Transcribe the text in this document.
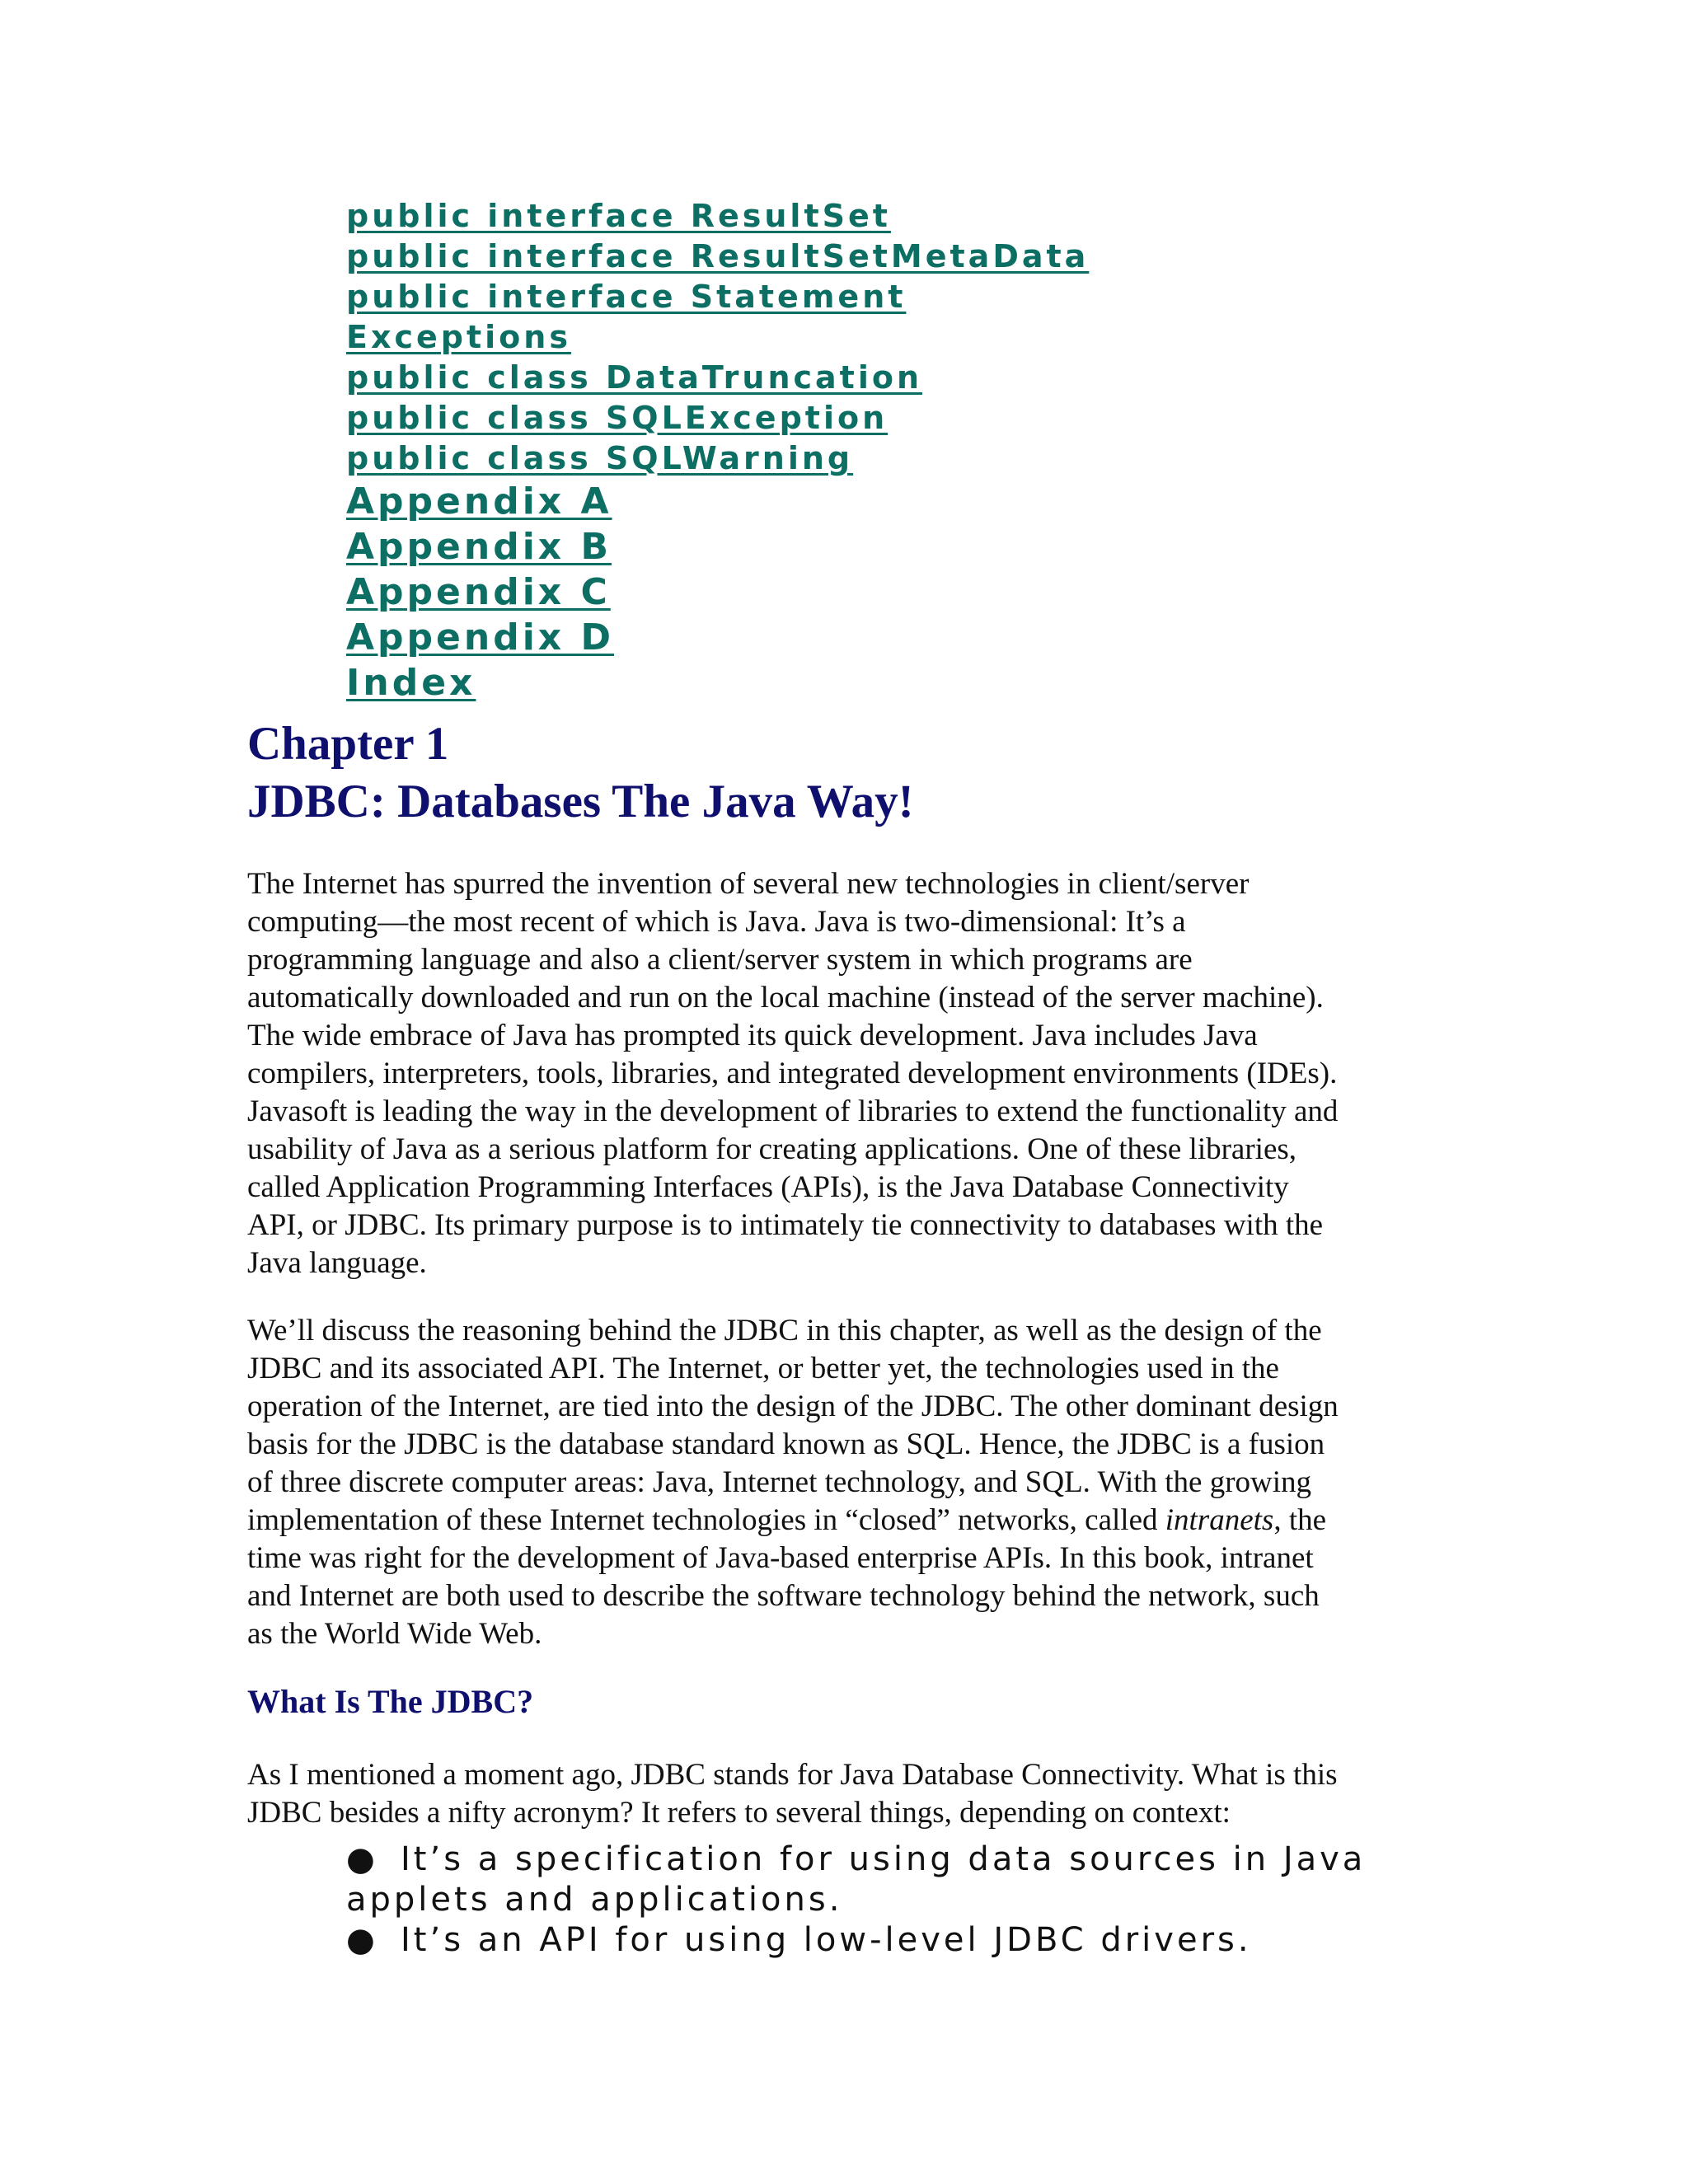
public interface ResultSet
public interface ResultSetMetaData
public interface Statement
Exceptions
public class DataTruncation
public class SQLException
public class SQLWarning
Appendix A
Appendix B
Appendix C
Appendix D
Index
Chapter 1
JDBC: Databases The Java Way!

The Internet has spurred the invention of several new technologies in client/server
computing—the most recent of which is Java. Java is two-dimensional: It’s a
programming language and also a client/server system in which programs are
automatically downloaded and run on the local machine (instead of the server machine).
The wide embrace of Java has prompted its quick development. Java includes Java
compilers, interpreters, tools, libraries, and integrated development environments (IDEs).
Javasoft is leading the way in the development of libraries to extend the functionality and
usability of Java as a serious platform for creating applications. One of these libraries,
called Application Programming Interfaces (APIs), is the Java Database Connectivity
API, or JDBC. Its primary purpose is to intimately tie connectivity to databases with the
Java language.

We’ll discuss the reasoning behind the JDBC in this chapter, as well as the design of the
JDBC and its associated API. The Internet, or better yet, the technologies used in the
operation of the Internet, are tied into the design of the JDBC. The other dominant design
basis for the JDBC is the database standard known as SQL. Hence, the JDBC is a fusion
of three discrete computer areas: Java, Internet technology, and SQL. With the growing
implementation of these Internet technologies in “closed” networks, called intranets, the
time was right for the development of Java-based enterprise APIs. In this book, intranet
and Internet are both used to describe the software technology behind the network, such
as the World Wide Web.

What Is The JDBC?

As I mentioned a moment ago, JDBC stands for Java Database Connectivity. What is this
JDBC besides a nifty acronym? It refers to several things, depending on context:

● It’s a specification for using data sources in Java
applets and applications.
● It’s an API for using low-level JDBC drivers.
